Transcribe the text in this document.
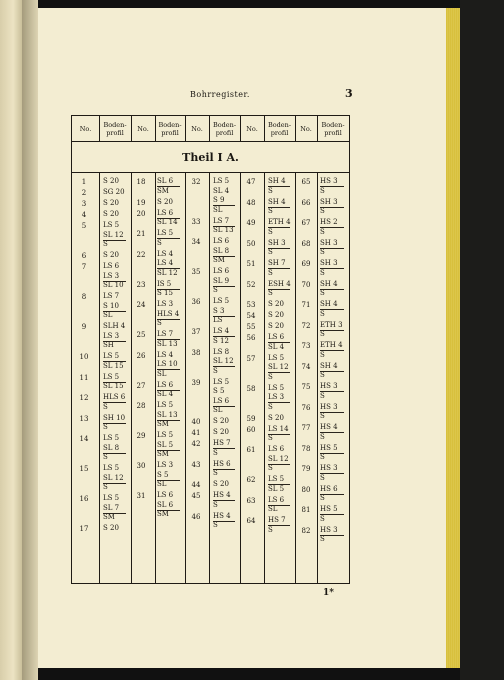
Bohrregister.	3
1*
No.	Boden-
profil	No.	Boden-
profil	No.	Boden-
profil	No.	Boden-
profil	No.	Boden-
profil
Theil I A.
1	S 20
2	SG 20
3	S 20
4	S 20
5	LS 5
SL 12
S
6	S 20
7	LS 6
LS 3
SL 10
8	LS 7
S 10
SL
9	SLH 4
LS 3
SH
10	LS 5
SL 15
11	LS 5
SL 15
12	HLS 6
S
13	SH 10
S
14	LS 5
SL 8
S
15	LS 5
SL 12
S
16	LS 5
SL 7
SM
17	S 20
18	SL 6
SM
19	S 20
20	LS 6
SL 14
21	LS 5
S
22	LS 4
LS 4
SL 12
23	IS 5
S 15
24	LS 3
HLS 4
S
25	LS 7
SL 13
26	LS 4
LS 10
SL
27	LS 6
SL 4
28	LS 5
SL 13
SM
29	LS 5
SL 5
SM
30	LS 3
S 5
SL
31	LS 6
SL 6
SM
32	LS 5
SL 4
S 9
SL
33	LS 7
SL 13
34	LS 6
SL 8
SM
35	LS 6
SL 9
S
36	LS 5
S 3
LS
37	LS 4
S 12
38	LS 8
SL 12
S
39	LS 5
S 5
LS 6
SL
40	S 20
41	S 20
42	HS 7
S
43	HS 6
S
44	S 20
45	HS 4
S
46	HS 4
S
47	SH 4
S
48	SH 4
S
49	ETH 4
S
50	SH 3
S
51	SH 7
S
52	ESH 4
S
53	S 20
54	S 20
55	S 20
56	LS 6
SL 4
57	LS 5
SL 12
S
58	LS 5
LS 3
S
59	S 20
60	LS 14
S
61	LS 6
SL 12
S
62	LS 5
SL 5
63	LS 6
SL
64	HS 7
S
65	HS 3
S
66	SH 3
S
67	HS 2
S
68	SH 3
S
69	SH 3
S
70	SH 4
S
71	SH 4
S
72	ETH 3
S
73	ETH 4
S
74	SH 4
S
75	HS 3
S
76	HS 3
S
77	HS 4
S
78	HS 5
S
79	HS 3
S
80	HS 6
S
81	HS 5
S
82	HS 3
S
